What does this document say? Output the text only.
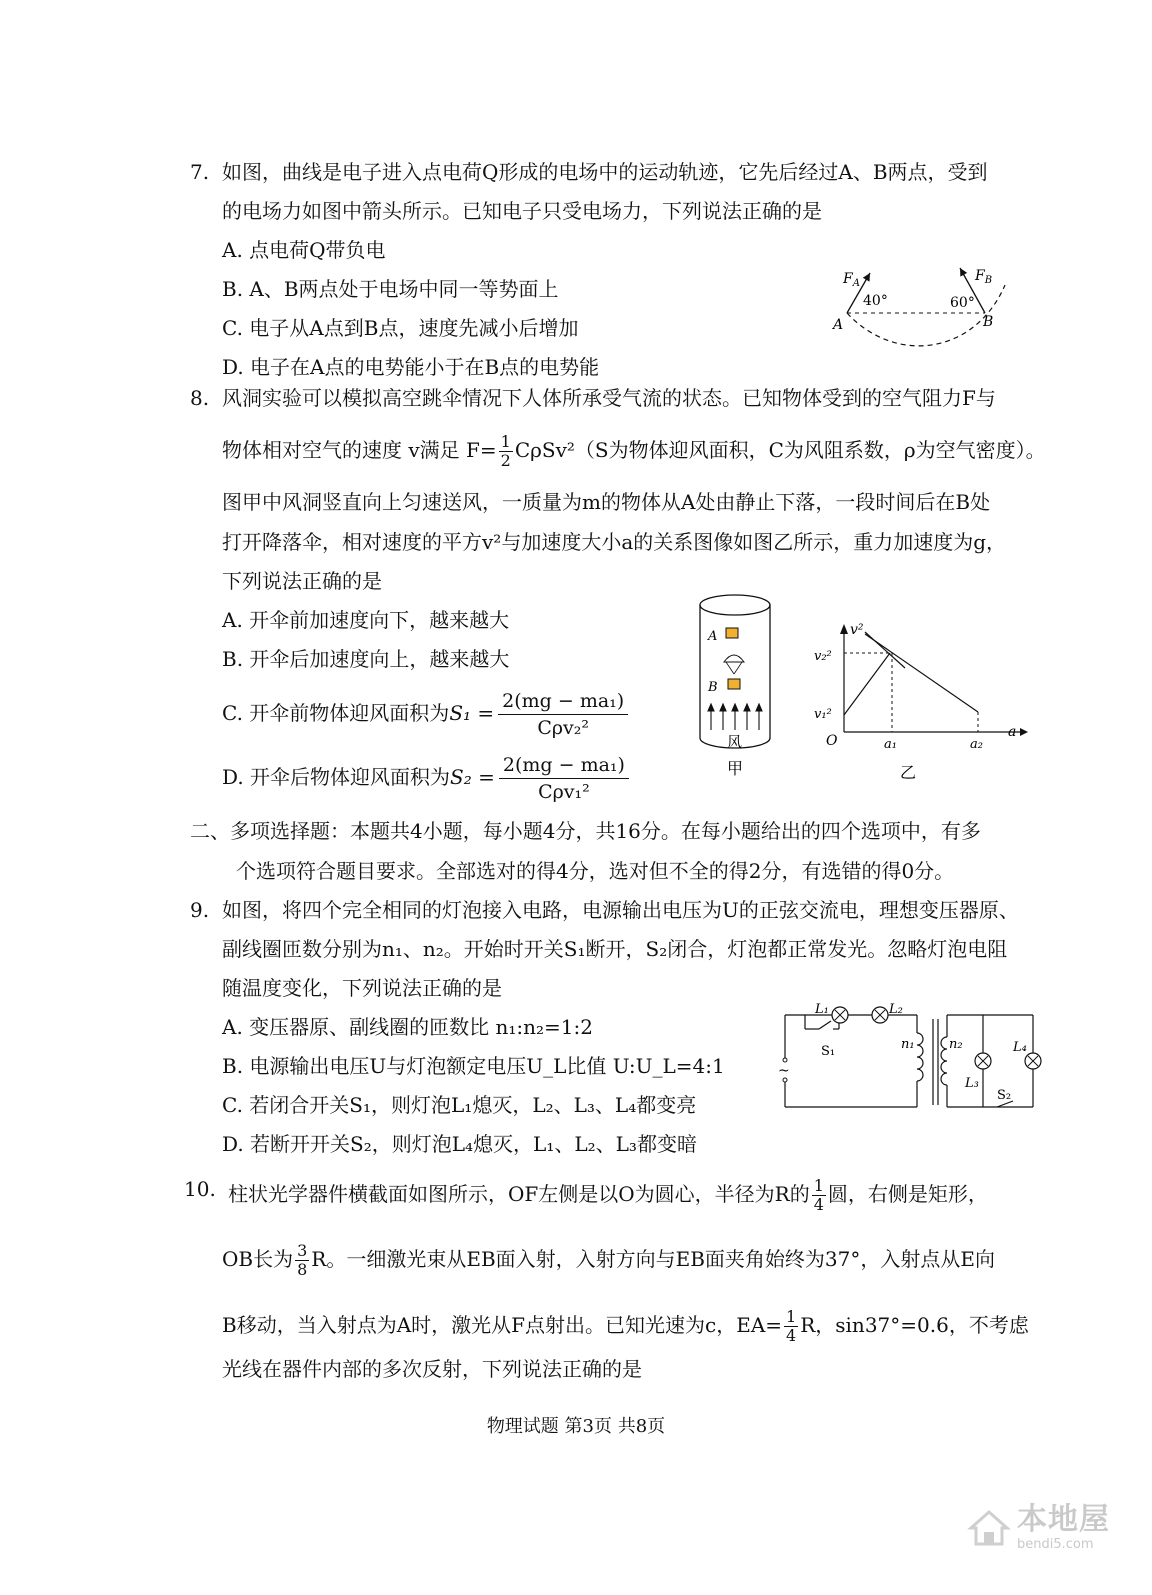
7. 如图，曲线是电子进入点电荷Q形成的电场中的运动轨迹，它先后经过A、B两点，受到
的电场力如图中箭头所示。已知电子只受电场力，下列说法正确的是
A. 点电荷Q带负电
B. A、B两点处于电场中同一等势面上
C. 电子从A点到B点，速度先减小后增加
D. 电子在A点的电势能小于在B点的电势能
$F_A$	$F_B$
40°	60°
A	B
8. 风洞实验可以模拟高空跳伞情况下人体所承受气流的状态。已知物体受到的空气阻力F与
物体相对空气的速度 v满足 $F= \frac{1}{2} C\rho Sv^2(S$为物体迎风面积，C为风阻系数，ρ为空气密度）。
图甲中风洞竖直向上匀速送风，一质量为m的物体从A处由静止下落，一段时间后在B处
打开降落伞，相对速度的平方v²与加速度大小a的关系图像如图乙所示，重力加速度为g，
下列说法正确的是
A. 开伞前加速度向下，越来越大
B. 开伞后加速度向上，越来越大
C. 开伞前物体迎风面积为S₁ = 2(mg − ma₁)
Cρv₂²
D. 开伞后物体迎风面积为S₂ = 2(mg − ma₁)
Cρv₁²
A
B
风
甲
v²
a
O
v₂²
v₁²
a₁	a₂
乙
二、多项选择题：本题共4小题，每小题4分，共16分。在每小题给出的四个选项中，有多
个选项符合题目要求。全部选对的得4分，选对但不全的得2分，有选错的得0分。
9. 如图，将四个完全相同的灯泡接入电路，电源输出电压为U的正弦交流电，理想变压器原、
副线圈匝数分别为n₁、n₂。开始时开关S₁断开，S₂闭合，灯泡都正常发光。忽略灯泡电阻
随温度变化，下列说法正确的是
A. 变压器原、副线圈的匝数比 n₁:n₂=1:2
B. 电源输出电压U与灯泡额定电压U_L比值 U:U_L=4:1
C. 若闭合开关S₁，则灯泡L₁熄灭，L₂、L₃、L₄都变亮
D. 若断开开关S₂，则灯泡L₄熄灭，L₁、L₂、L₃都变暗
~
L₁	L₂
L₃
L₄
S₁
S₂
n₁	n₂
10. 柱状光学器件横截面如图所示，OF左侧是以O为圆心，半径为R的 $\frac{1}{4}$ 圆，右侧是矩形，
OB长为 $\frac{3}{8}$ R。一细激光束从EB面入射，入射方向与EB面夹角始终为37°，入射点从E向
B移动，当入射点为A时，激光从F点射出。已知光速为c，$EA= \frac{1}{4}$ R，sin37°=0.6，不考虑
光线在器件内部的多次反射，下列说法正确的是
物理试题 第3页 共8页
本地屋
bendi5.com
